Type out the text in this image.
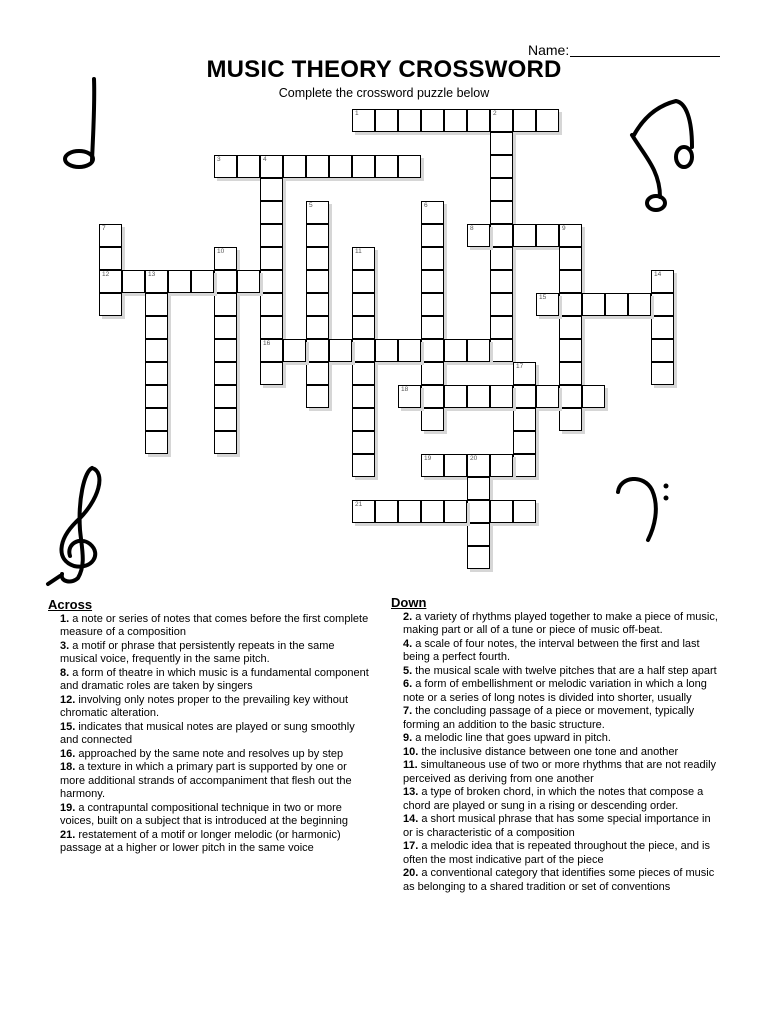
Name:
MUSIC THEORY CROSSWORD
Complete the crossword puzzle below
1	2
3	4
16
5	6
7
12
8	9
10	11
13	14
15
17
18
19	20
21
Across
1. a note or series of notes that comes before the first complete measure of a composition
3. a motif or phrase that persistently repeats in the same musical voice, frequently in the same pitch.
8. a form of theatre in which music is a fundamental component and dramatic roles are taken by singers
12. involving only notes proper to the prevailing key without chromatic alteration.
15. indicates that musical notes are played or sung smoothly and connected
16. approached by the same note and resolves up by step
18. a texture in which a primary part is supported by one or more additional strands of accompaniment that flesh out the harmony.
19. a contrapuntal compositional technique in two or more voices, built on a subject that is introduced at the beginning
21. restatement of a motif or longer melodic (or harmonic) passage at a higher or lower pitch in the same voice
Down
2. a variety of rhythms played together to make a piece of music, making part or all of a tune or piece of music off-beat.
4. a scale of four notes, the interval between the first and last being a perfect fourth.
5. the musical scale with twelve pitches that are a half step apart
6. a form of embellishment or melodic variation in which a long note or a series of long notes is divided into shorter, usually
7. the concluding passage of a piece or movement, typically forming an addition to the basic structure.
9. a melodic line that goes upward in pitch.
10. the inclusive distance between one tone and another
11. simultaneous use of two or more rhythms that are not readily perceived as deriving from one another
13. a type of broken chord, in which the notes that compose a chord are played or sung in a rising or descending order.
14. a short musical phrase that has some special importance in or is characteristic of a composition
17. a melodic idea that is repeated throughout the piece, and is often the most indicative part of the piece
20. a conventional category that identifies some pieces of music as belonging to a shared tradition or set of conventions
